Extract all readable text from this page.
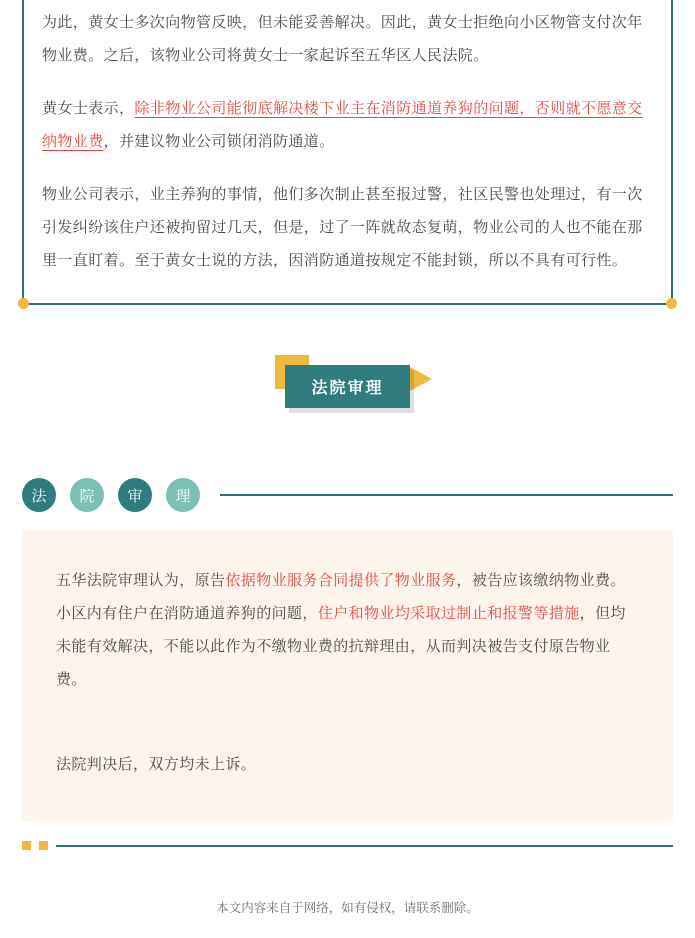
为此，黄女士多次向物管反映，但未能妥善解决。因此，黄女士拒绝向小区物管支付次年物业费。之后，该物业公司将黄女士一家起诉至五华区人民法院。

黄女士表示，除非物业公司能彻底解决楼下业主在消防通道养狗的问题，否则就不愿意交纳物业费，并建议物业公司锁闭消防通道。

物业公司表示，业主养狗的事情，他们多次制止甚至报过警，社区民警也处理过，有一次引发纠纷该住户还被拘留过几天，但是，过了一阵就故态复萌，物业公司的人也不能在那里一直盯着。至于黄女士说的方法，因消防通道按规定不能封锁，所以不具有可行性。

法院审理
法	院	审	理

五华法院审理认为，原告依据物业服务合同提供了物业服务，被告应该缴纳物业费。小区内有住户在消防通道养狗的问题，住户和物业均采取过制止和报警等措施，但均未能有效解决，不能以此作为不缴物业费的抗辩理由，从而判决被告支付原告物业费。

法院判决后，双方均未上诉。

本文内容来自于网络，如有侵权，请联系删除。
